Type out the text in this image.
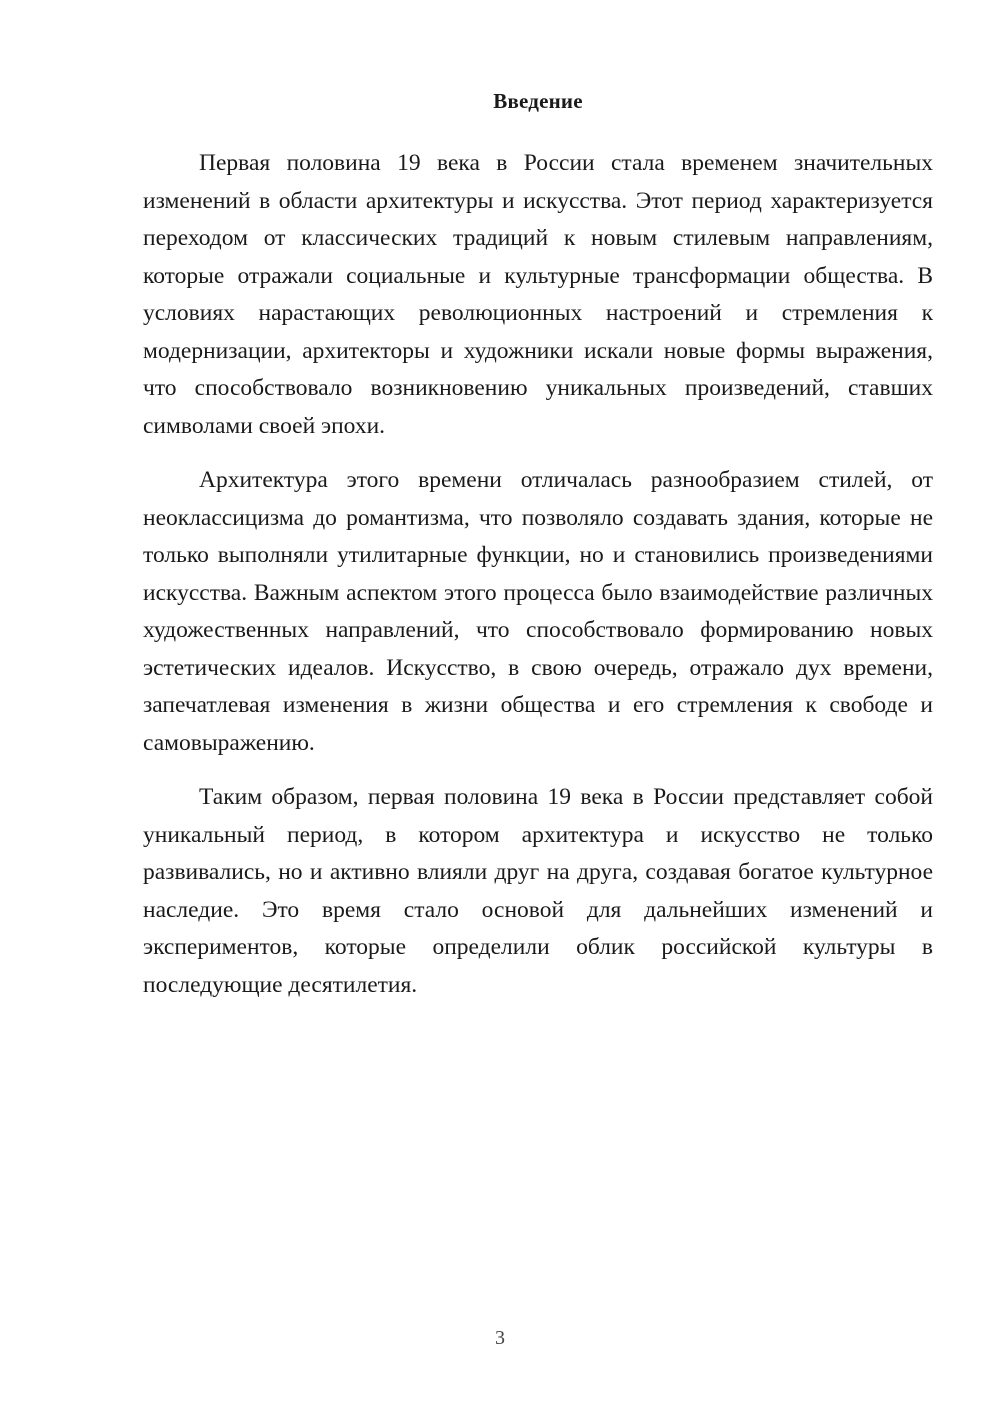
Введение

Первая половина 19 века в России стала временем значительных изменений в области архитектуры и искусства. Этот период характеризуется переходом от классических традиций к новым стилевым направлениям, которые отражали социальные и культурные трансформации общества. В условиях нарастающих революционных настроений и стремления к модернизации, архитекторы и художники искали новые формы выражения, что способствовало возникновению уникальных произведений, ставших символами своей эпохи.

Архитектура этого времени отличалась разнообразием стилей, от неоклассицизма до романтизма, что позволяло создавать здания, которые не только выполняли утилитарные функции, но и становились произведениями искусства. Важным аспектом этого процесса было взаимодействие различных художественных направлений, что способствовало формированию новых эстетических идеалов. Искусство, в свою очередь, отражало дух времени, запечатлевая изменения в жизни общества и его стремления к свободе и самовыражению.

Таким образом, первая половина 19 века в России представляет собой уникальный период, в котором архитектура и искусство не только развивались, но и активно влияли друг на друга, создавая богатое культурное наследие. Это время стало основой для дальнейших изменений и экспериментов, которые определили облик российской культуры в последующие десятилетия.

3
